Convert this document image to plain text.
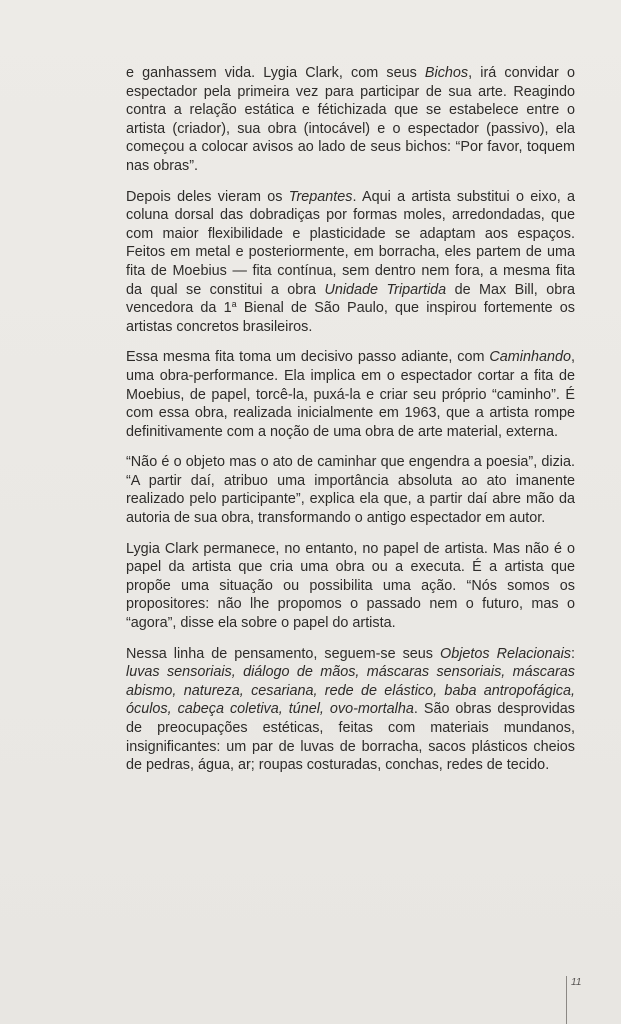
e ganhassem vida. Lygia Clark, com seus Bichos, irá convidar o espectador pela primeira vez para participar de sua arte. Reagindo contra a relação estática e fétichizada que se estabelece entre o artista (criador), sua obra (intocável) e o espectador (passivo), ela começou a colocar avisos ao lado de seus bichos: “Por favor, toquem nas obras”.

Depois deles vieram os Trepantes. Aqui a artista substitui o eixo, a coluna dorsal das dobradiças por formas moles, arredondadas, que com maior flexibilidade e plasticidade se adaptam aos espaços. Feitos em metal e posteriormente, em borracha, eles partem de uma fita de Moebius — fita contínua, sem dentro nem fora, a mesma fita da qual se constitui a obra Unidade Tripartida de Max Bill, obra vencedora da 1$^a$ Bienal de São Paulo, que inspirou fortemente os artistas concretos brasileiros.

Essa mesma fita toma um decisivo passo adiante, com Caminhando, uma obra-performance. Ela implica em o espectador cortar a fita de Moebius, de papel, torcê-la, puxá-la e criar seu próprio “caminho”. É com essa obra, realizada inicialmente em 1963, que a artista rompe definitivamente com a noção de uma obra de arte material, externa.

“Não é o objeto mas o ato de caminhar que engendra a poesia”, dizia. “A partir daí, atribuo uma importância absoluta ao ato imanente realizado pelo participante”, explica ela que, a partir daí abre mão da autoria de sua obra, transformando o antigo espectador em autor.

Lygia Clark permanece, no entanto, no papel de artista. Mas não é o papel da artista que cria uma obra ou a executa. É a artista que propõe uma situação ou possibilita uma ação. “Nós somos os propositores: não lhe propomos o passado nem o futuro, mas o “agora”, disse ela sobre o papel do artista.

Nessa linha de pensamento, seguem-se seus Objetos Relacionais: luvas sensoriais, diálogo de mãos, máscaras sensoriais, máscaras abismo, natureza, cesariana, rede de elástico, baba antropofágica, óculos, cabeça coletiva, túnel, ovo-mortalha. São obras desprovidas de preocupações estéticas, feitas com materiais mundanos, insignificantes: um par de luvas de borracha, sacos plásticos cheios de pedras, água, ar; roupas costuradas, conchas, redes de tecido.

11
